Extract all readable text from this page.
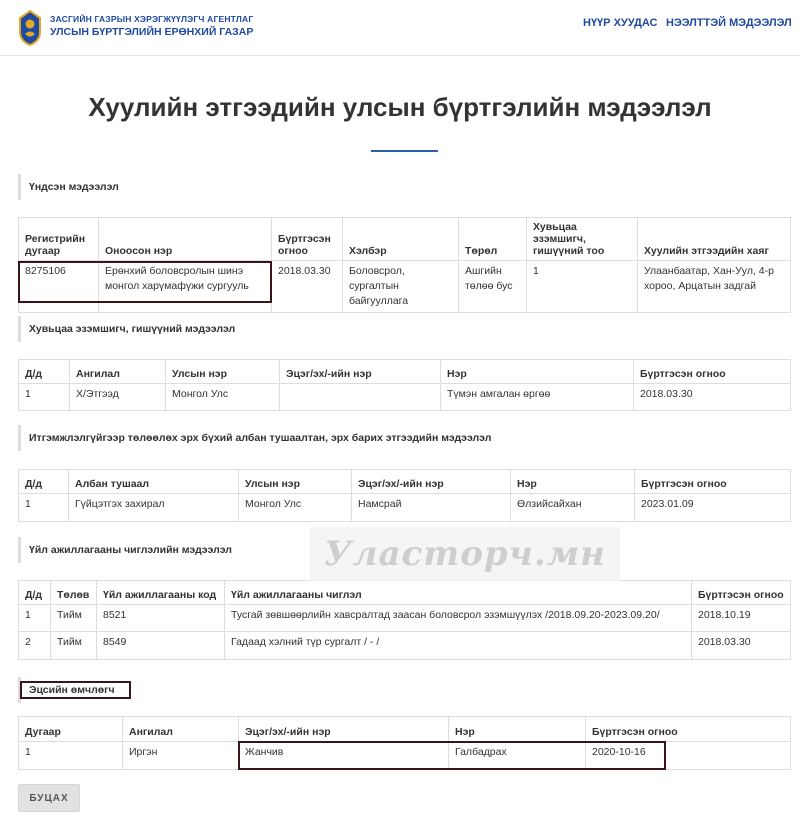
ЗАСГИЙН ГАЗРЫН ХЭРЭГЖҮҮЛЭГЧ АГЕНТЛАГ
УЛСЫН БҮРТГЭЛИЙН ЕРӨНХИЙ ГАЗАР
НҮҮР ХУУДАС НЭЭЛТТЭЙ МЭДЭЭЛЭЛ
Хуулийн этгээдийн улсын бүртгэлийн мэдээлэл
Үндсэн мэдээлэл
Регистрийн дугаар	Оноосон нэр	Бүртгэсэн огноо	Хэлбэр	Төрөл	Хувьцаа эзэмшигч, гишүүний тоо	Хуулийн этгээдийн хаяг
8275106	Ерөнхий боловсролын шинэ монгол харүмафүжи сургууль	2018.03.30	Боловсрол, сургалтын байгууллага	Ашгийн төлөө бус	1	Улаанбаатар, Хан-Уул, 4-р хороо, Арцатын задгай
Хувьцаа эзэмшигч, гишүүний мэдээлэл
Д/д	Ангилал	Улсын нэр	Эцэг/эх/-ийн нэр	Нэр	Бүртгэсэн огноо
1	Х/Этгээд	Монгол Улс		Түмэн амгалан өргөө	2018.03.30
Итгэмжлэлгүйгээр төлөөлөх эрх бүхий албан тушаалтан, эрх барих этгээдийн мэдээлэл
Д/д	Албан тушаал	Улсын нэр	Эцэг/эх/-ийн нэр	Нэр	Бүртгэсэн огноо
1	Гүйцэтгэх захирал	Монгол Улс	Намсрай	Өлзийсайхан	2023.01.09
Үйл ажиллагааны чиглэлийн мэдээлэл
Д/д	Төлөв	Үйл ажиллагааны код	Үйл ажиллагааны чиглэл	Бүртгэсэн огноо
1	Тийм	8521	Тусгай зөвшөөрлийн хавсралтад заасан боловсрол эзэмшүүлэх /2018.09.20-2023.09.20/	2018.10.19
2	Тийм	8549	Гадаад хэлний түр сургалт / - /	2018.03.30
Уласторч.мн
Эцсийн өмчлөгч
Дугаар	Ангилал	Эцэг/эх/-ийн нэр	Нэр	Бүртгэсэн огноо
1	Иргэн	Жанчив	Галбадрах	2020-10-16
БУЦАХ
